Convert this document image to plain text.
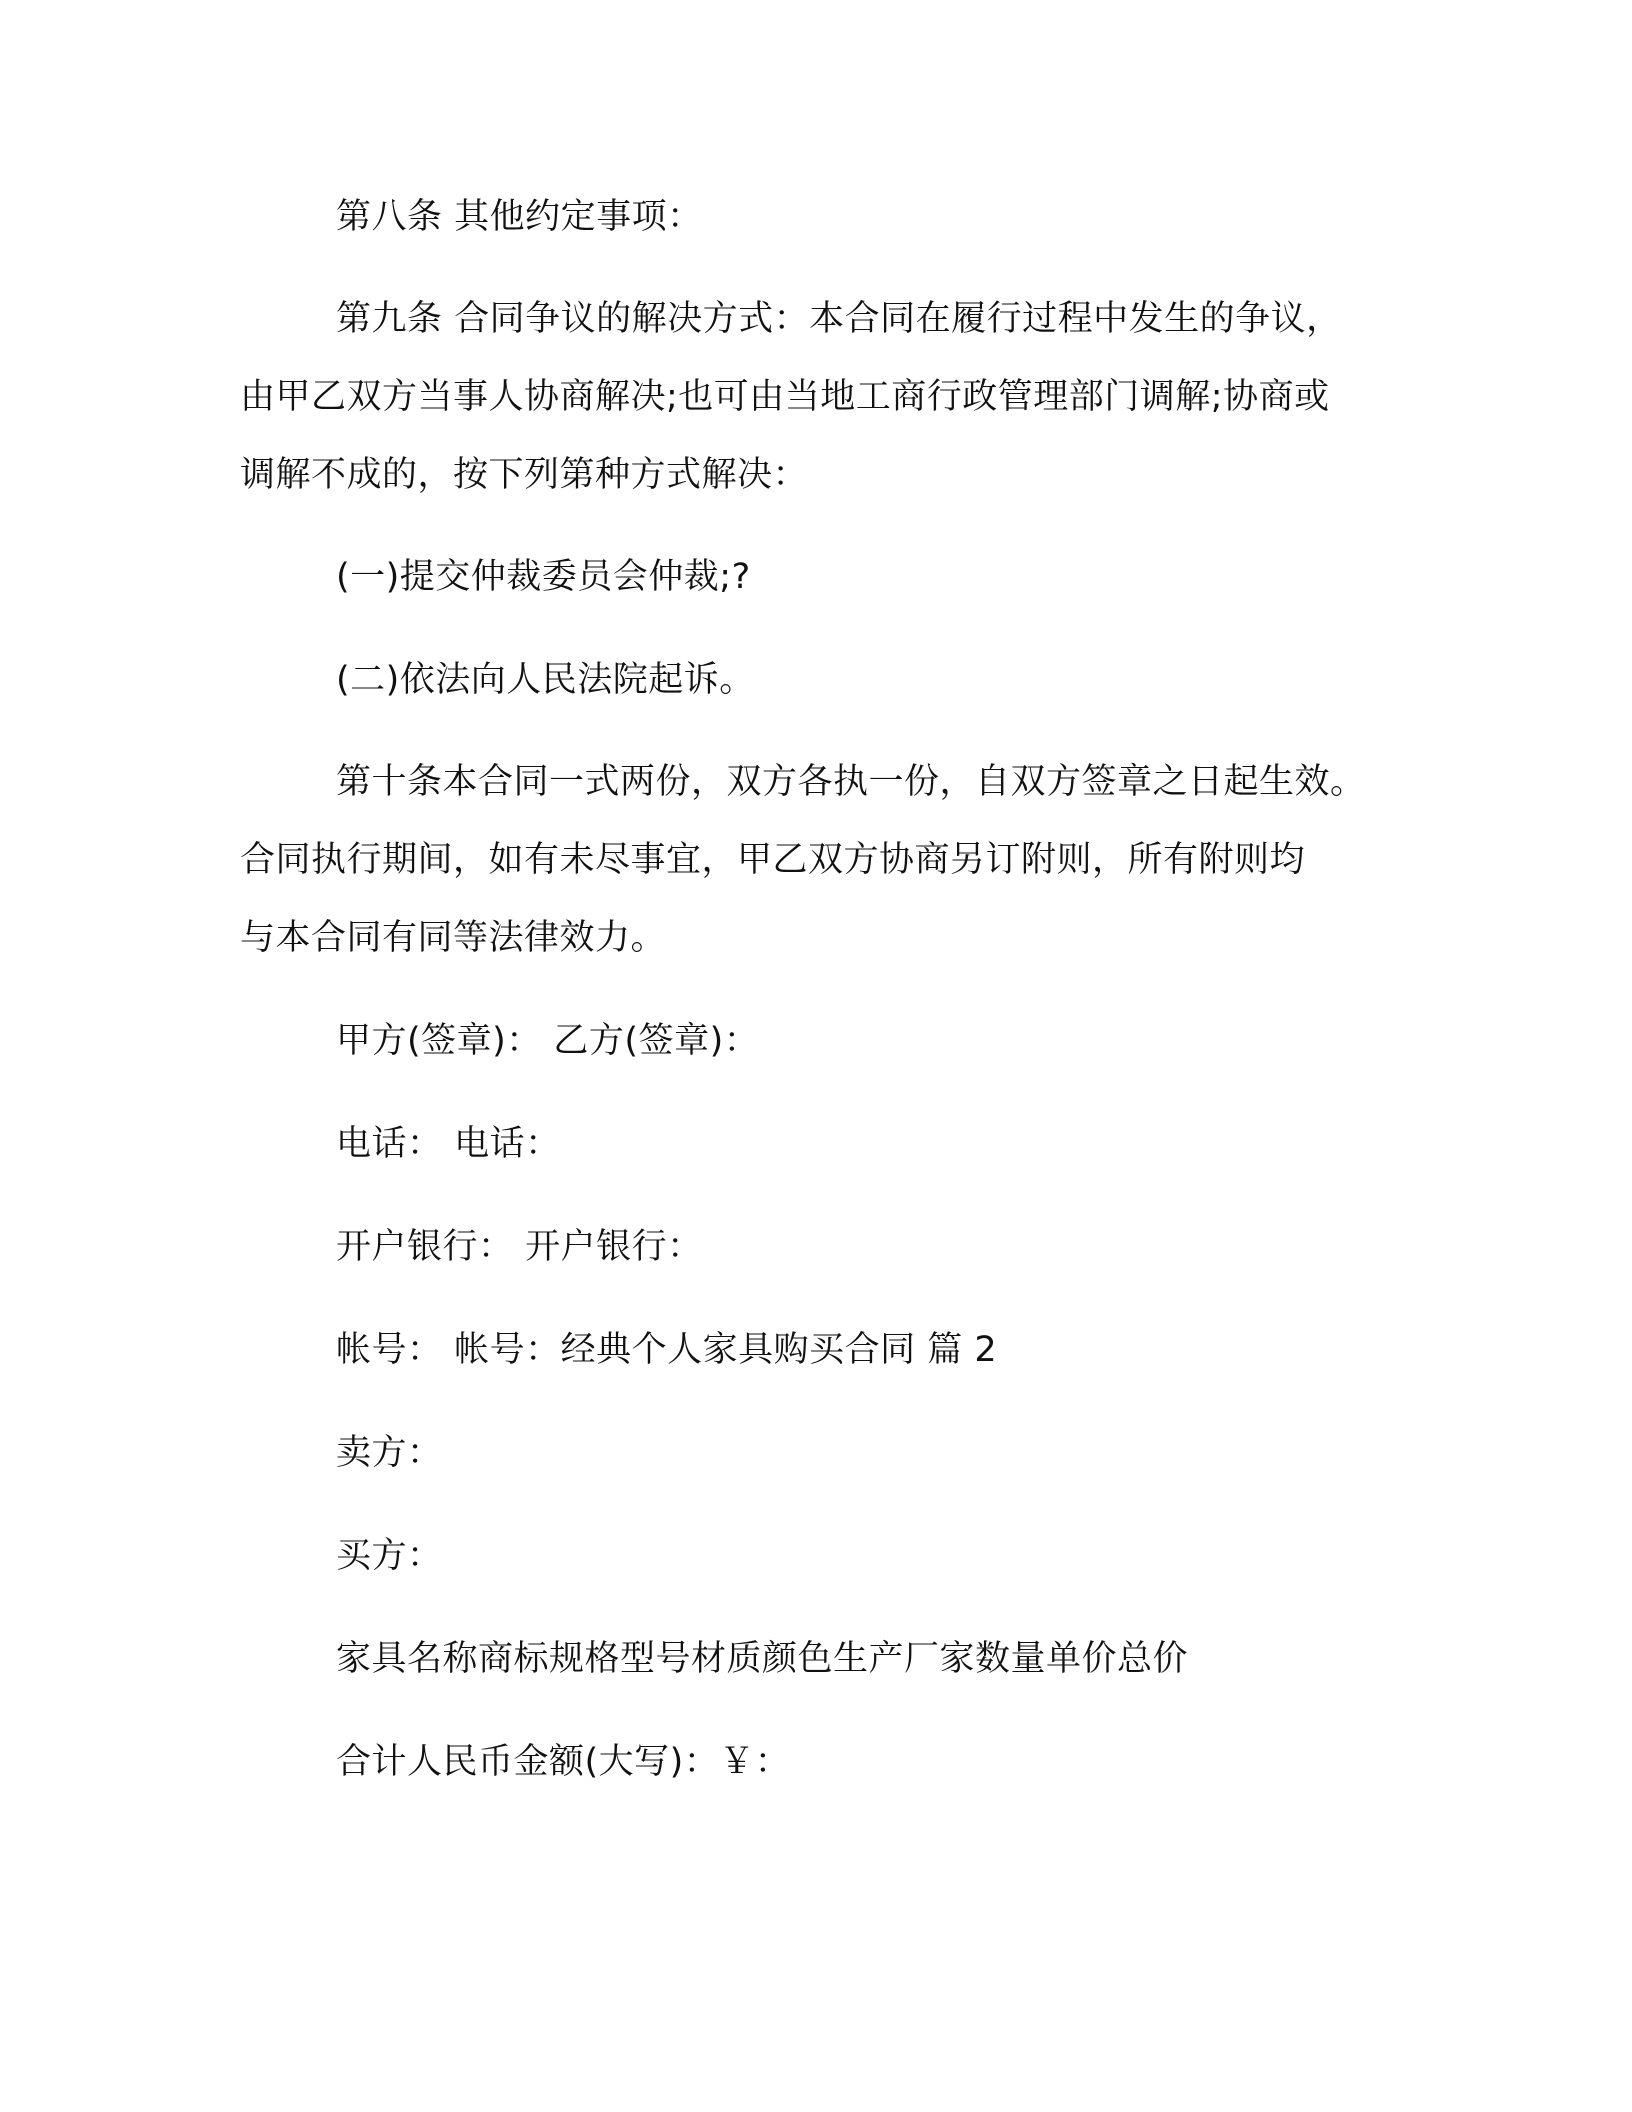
第八条 其他约定事项：

第九条 合同争议的解决方式：本合同在履行过程中发生的争议，
由甲乙双方当事人协商解决;也可由当地工商行政管理部门调解;协商或
调解不成的，按下列第种方式解决：

(一)提交仲裁委员会仲裁;?

(二)依法向人民法院起诉。

第十条本合同一式两份，双方各执一份，自双方签章之日起生效。
合同执行期间，如有未尽事宜，甲乙双方协商另订附则，所有附则均
与本合同有同等法律效力。

甲方(签章)： 乙方(签章)：

电话： 电话：

开户银行： 开户银行：

帐号： 帐号：经典个人家具购买合同 篇 2

卖方：

买方：

家具名称商标规格型号材质颜色生产厂家数量单价总价

合计人民币金额(大写)：￥：
